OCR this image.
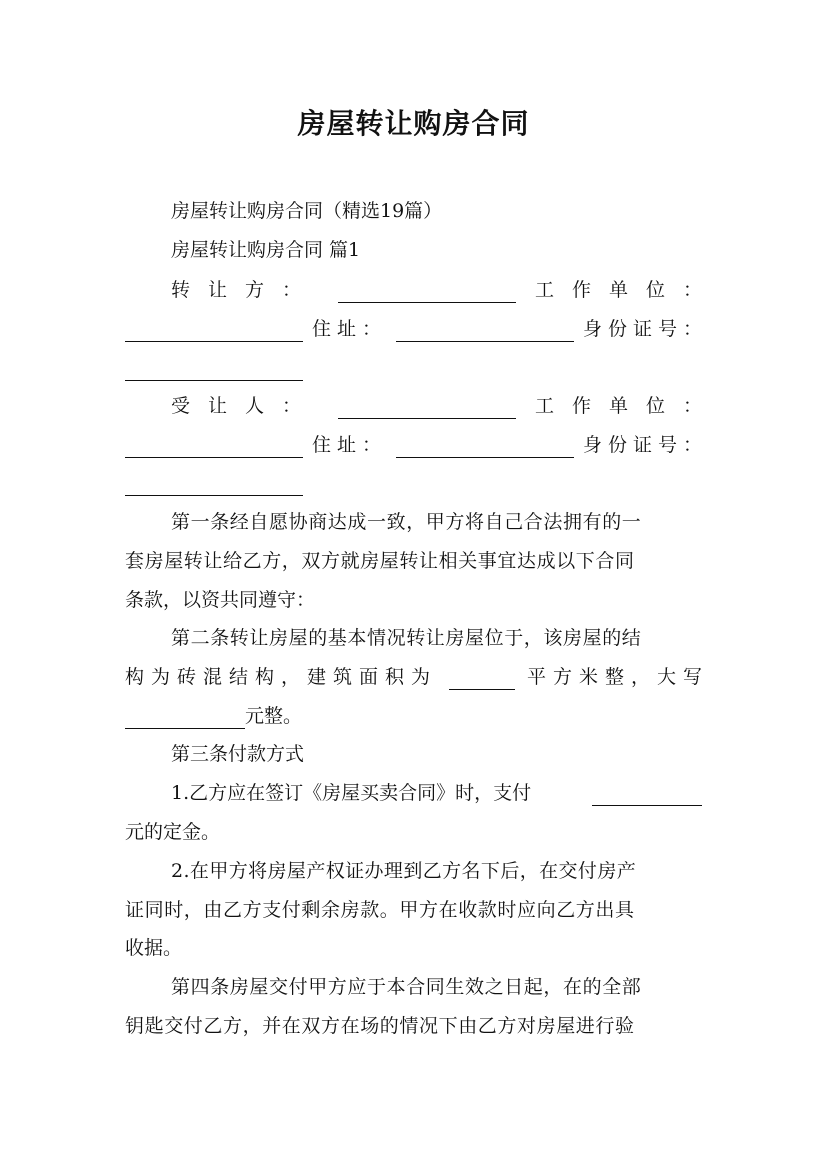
房屋转让购房合同
房屋转让购房合同（精选19篇）
房屋转让购房合同 篇1
转让方：	工作单位：
住址：	身份证号：
受让人：	工作单位：
住址：	身份证号：
第一条经自愿协商达成一致，甲方将自己合法拥有的一
套房屋转让给乙方，双方就房屋转让相关事宜达成以下合同
条款，以资共同遵守：
第二条转让房屋的基本情况转让房屋位于，该房屋的结
构为砖混结构，建筑面积为	平方米整，大写
元整。
第三条付款方式
1.乙方应在签订《房屋买卖合同》时，支付
元的定金。
2.在甲方将房屋产权证办理到乙方名下后，在交付房产
证同时，由乙方支付剩余房款。甲方在收款时应向乙方出具
收据。
第四条房屋交付甲方应于本合同生效之日起，在的全部
钥匙交付乙方，并在双方在场的情况下由乙方对房屋进行验
